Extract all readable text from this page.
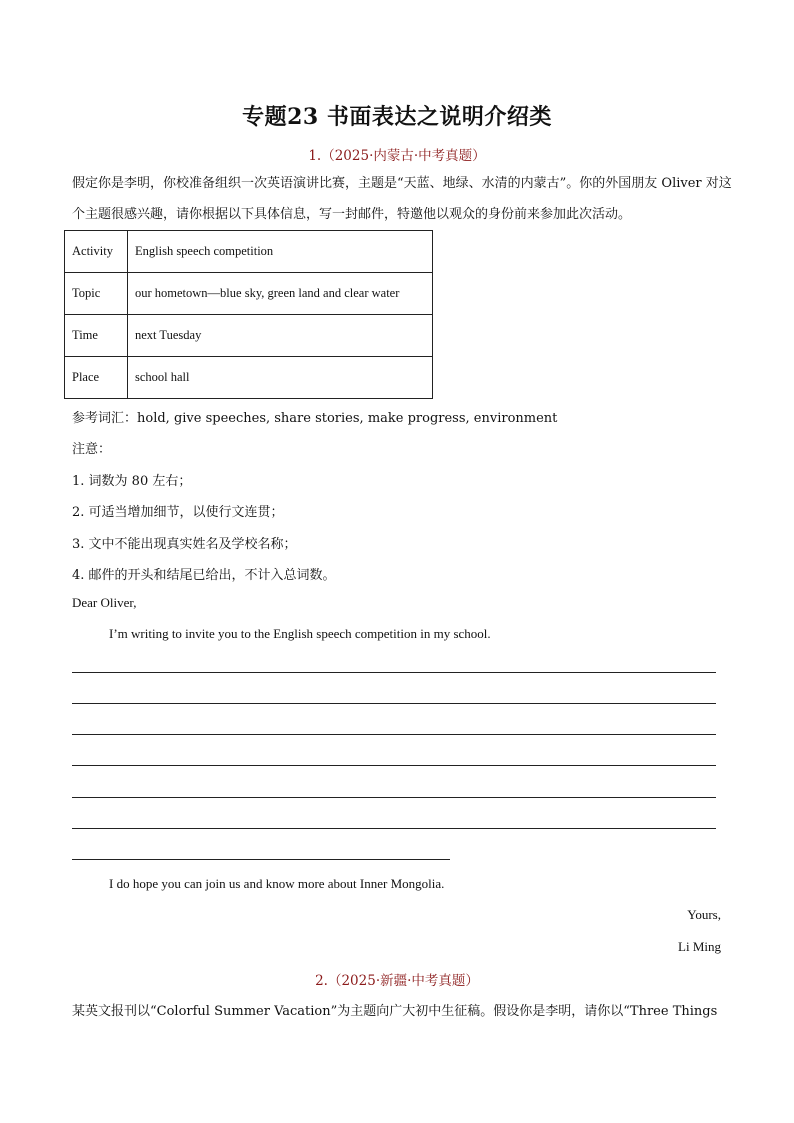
专题23 书面表达之说明介绍类
1.（2025·内蒙古·中考真题）

假定你是李明，你校准备组织一次英语演讲比赛，主题是“天蓝、地绿、水清的内蒙古”。你的外国朋友 Oliver 对这个主题很感兴趣，请你根据以下具体信息，写一封邮件，特邀他以观众的身份前来参加此次活动。

Activity	English speech competition
Topic	our hometown—blue sky, green land and clear water
Time	next Tuesday
Place	school hall

参考词汇：hold, give speeches, share stories, make progress, environment

注意：

1. 词数为 80 左右；

2. 可适当增加细节，以使行文连贯；

3. 文中不能出现真实姓名及学校名称；

4. 邮件的开头和结尾已给出，不计入总词数。

Dear Oliver,

I’m writing to invite you to the English speech competition in my school.
I do hope you can join us and know more about Inner Mongolia.
Yours,
Li Ming
2.（2025·新疆·中考真题）

某英文报刊以“Colorful Summer Vacation”为主题向广大初中生征稿。假设你是李明，请你以“Three Things
